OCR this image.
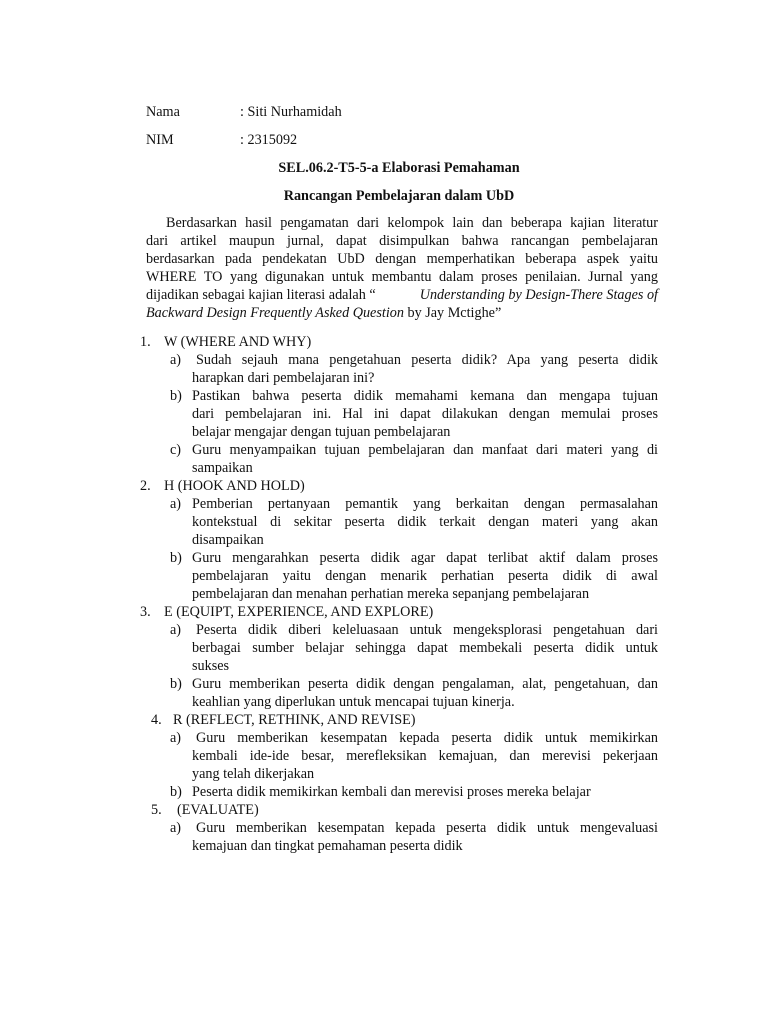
Nama	: Siti Nurhamidah
NIM	: 2315092
SEL.06.2-T5-5-a Elaborasi Pemahaman
Rancangan Pembelajaran dalam UbD
Berdasarkan hasil pengamatan dari kelompok lain dan beberapa kajian literatur
dari artikel maupun jurnal, dapat disimpulkan bahwa rancangan pembelajaran
berdasarkan pada pendekatan UbD dengan memperhatikan beberapa aspek yaitu
WHERE TO yang digunakan untuk membantu dalam proses penilaian. Jurnal yang
dijadikan sebagai kajian literasi adalah “	Understanding by Design-There Stages of
Backward Design Frequently Asked Question by Jay Mctighe”
1. W (WHERE AND WHY)
a) Sudah sejauh mana pengetahuan peserta didik? Apa yang peserta didik
harapkan dari pembelajaran ini?
b) Pastikan bahwa peserta didik memahami kemana dan mengapa tujuan
dari pembelajaran ini. Hal ini dapat dilakukan dengan memulai proses
belajar mengajar dengan tujuan pembelajaran
c) Guru menyampaikan tujuan pembelajaran dan manfaat dari materi yang di
sampaikan
2. H (HOOK AND HOLD)
a) Pemberian pertanyaan pemantik yang berkaitan dengan permasalahan
kontekstual di sekitar peserta didik terkait dengan materi yang akan
disampaikan
b) Guru mengarahkan peserta didik agar dapat terlibat aktif dalam proses
pembelajaran yaitu dengan menarik perhatian peserta didik di awal
pembelajaran dan menahan perhatian mereka sepanjang pembelajaran
3. E (EQUIPT, EXPERIENCE, AND EXPLORE)
a) Peserta didik diberi keleluasaan untuk mengeksplorasi pengetahuan dari
berbagai sumber belajar sehingga dapat membekali peserta didik untuk
sukses
b) Guru memberikan peserta didik dengan pengalaman, alat, pengetahuan, dan
keahlian yang diperlukan untuk mencapai tujuan kinerja.
4. R (REFLECT, RETHINK, AND REVISE)
a) Guru memberikan kesempatan kepada peserta didik untuk memikirkan
kembali ide-ide besar, merefleksikan kemajuan, dan merevisi pekerjaan
yang telah dikerjakan
b) Peserta didik memikirkan kembali dan merevisi proses mereka belajar
5. (EVALUATE)
a) Guru memberikan kesempatan kepada peserta didik untuk mengevaluasi
kemajuan dan tingkat pemahaman peserta didik
